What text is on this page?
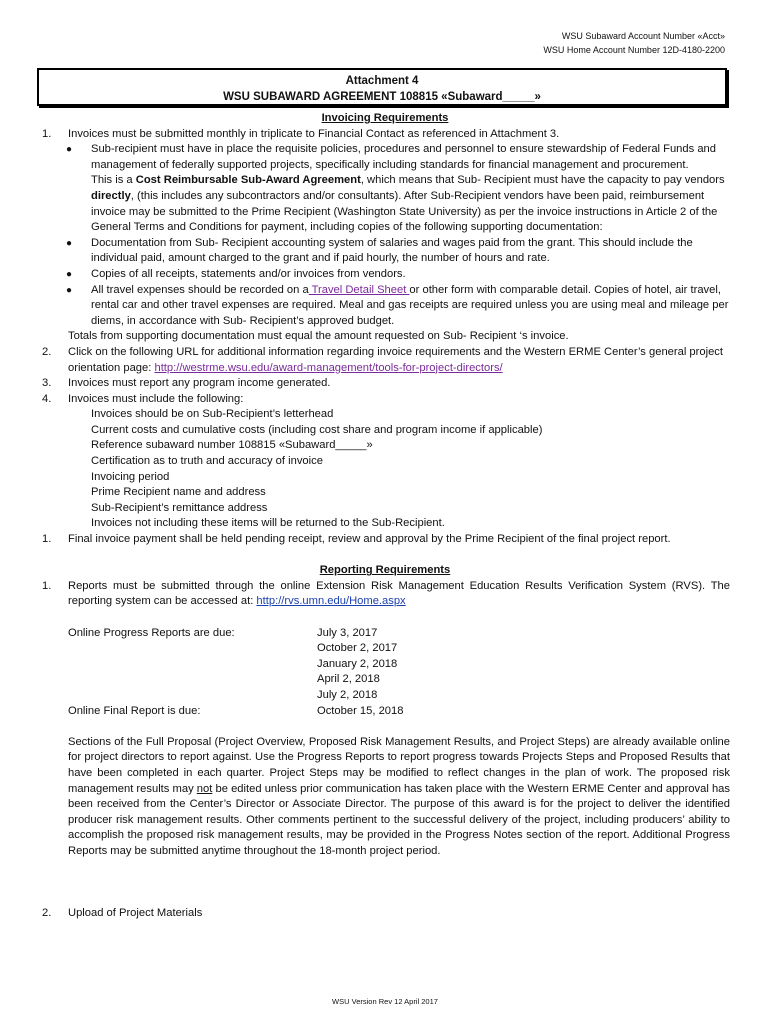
WSU Subaward Account Number «Acct»
WSU Home Account Number 12D-4180-2200
Attachment 4
WSU SUBAWARD AGREEMENT 108815 «Subaward_____»
Invoicing Requirements
1. Invoices must be submitted monthly in triplicate to Financial Contact as referenced in Attachment 3.
● Sub-recipient must have in place the requisite policies, procedures and personnel to ensure stewardship of Federal Funds and management of federally supported projects, specifically including standards for financial management and procurement.
This is a Cost Reimbursable Sub-Award Agreement, which means that Sub- Recipient must have the capacity to pay vendors directly, (this includes any subcontractors and/or consultants). After Sub-Recipient vendors have been paid, reimbursement invoice may be submitted to the Prime Recipient (Washington State University) as per the invoice instructions in Article 2 of the General Terms and Conditions for payment, including copies of the following supporting documentation:
● Documentation from Sub- Recipient accounting system of salaries and wages paid from the grant. This should include the individual paid, amount charged to the grant and if paid hourly, the number of hours and rate.
● Copies of all receipts, statements and/or invoices from vendors.
● All travel expenses should be recorded on a Travel Detail Sheet or other form with comparable detail. Copies of hotel, air travel, rental car and other travel expenses are required. Meal and gas receipts are required unless you are using meal and mileage per diems, in accordance with Sub- Recipient’s approved budget.
Totals from supporting documentation must equal the amount requested on Sub- Recipient ‘s invoice.
2. Click on the following URL for additional information regarding invoice requirements and the Western ERME Center’s general project orientation page: http://westrme.wsu.edu/award-management/tools-for-project-directors/
3. Invoices must report any program income generated.
4. Invoices must include the following:
Invoices should be on Sub-Recipient’s letterhead
Current costs and cumulative costs (including cost share and program income if applicable)
Reference subaward number 108815 «Subaward_____»
Certification as to truth and accuracy of invoice
Invoicing period
Prime Recipient name and address
Sub-Recipient’s remittance address
Invoices not including these items will be returned to the Sub-Recipient.
1. Final invoice payment shall be held pending receipt, review and approval by the Prime Recipient of the final project report.
Reporting Requirements
1. Reports must be submitted through the online Extension Risk Management Education Results Verification System (RVS). The reporting system can be accessed at: http://rvs.umn.edu/Home.aspx
Online Progress Reports are due:	July 3, 2017
October 2, 2017
January 2, 2018
April 2, 2018
July 2, 2018
Online Final Report is due:	October 15, 2018
Sections of the Full Proposal (Project Overview, Proposed Risk Management Results, and Project Steps) are already available online for project directors to report against. Use the Progress Reports to report progress towards Projects Steps and Proposed Results that have been completed in each quarter. Project Steps may be modified to reflect changes in the plan of work. The proposed risk management results may not be edited unless prior communication has taken place with the Western ERME Center and approval has been received from the Center’s Director or Associate Director. The purpose of this award is for the project to deliver the identified producer risk management results. Other comments pertinent to the successful delivery of the project, including producers’ ability to accomplish the proposed risk management results, may be provided in the Progress Notes section of the report. Additional Progress Reports may be submitted anytime throughout the 18-month project period.
2. Upload of Project Materials
WSU Version Rev 12 April 2017
